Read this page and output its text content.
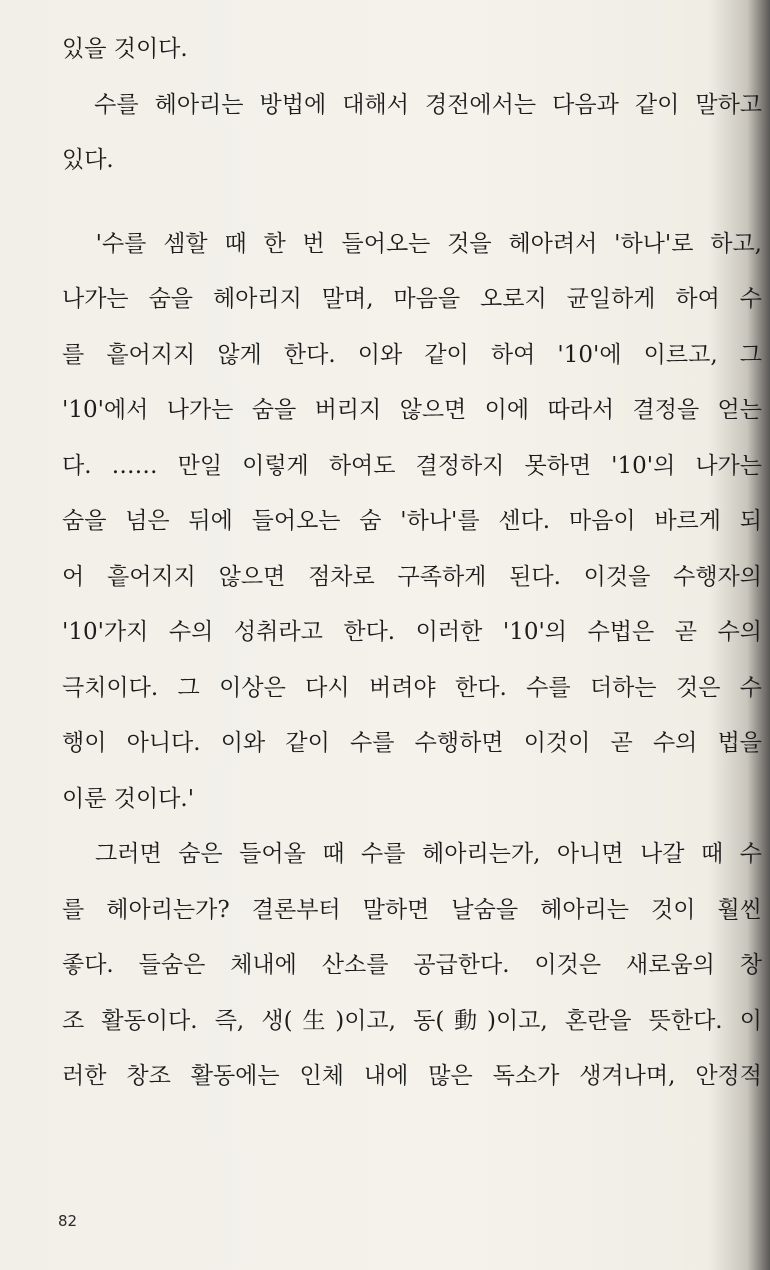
있을 것이다.
수를 헤아리는 방법에 대해서 경전에서는 다음과 같이 말하고
있다.
'수를 셈할 때 한 번 들어오는 것을 헤아려서 '하나'로 하고,
나가는 숨을 헤아리지 말며, 마음을 오로지 균일하게 하여 수
를 흩어지지 않게 한다. 이와 같이 하여 '10'에 이르고, 그
'10'에서 나가는 숨을 버리지 않으면 이에 따라서 결정을 얻는
다. …… 만일 이렇게 하여도 결정하지 못하면 '10'의 나가는
숨을 넘은 뒤에 들어오는 숨 '하나'를 센다. 마음이 바르게 되
어 흩어지지 않으면 점차로 구족하게 된다. 이것을 수행자의
'10'가지 수의 성취라고 한다. 이러한 '10'의 수법은 곧 수의
극치이다. 그 이상은 다시 버려야 한다. 수를 더하는 것은 수
행이 아니다. 이와 같이 수를 수행하면 이것이 곧 수의 법을
이룬 것이다.'
그러면 숨은 들어올 때 수를 헤아리는가, 아니면 나갈 때 수
를 헤아리는가? 결론부터 말하면 날숨을 헤아리는 것이 훨씬
좋다. 들숨은 체내에 산소를 공급한다. 이것은 새로움의 창
조 활동이다. 즉, 생(生)이고, 동(動)이고, 혼란을 뜻한다. 이
러한 창조 활동에는 인체 내에 많은 독소가 생겨나며, 안정적
82
